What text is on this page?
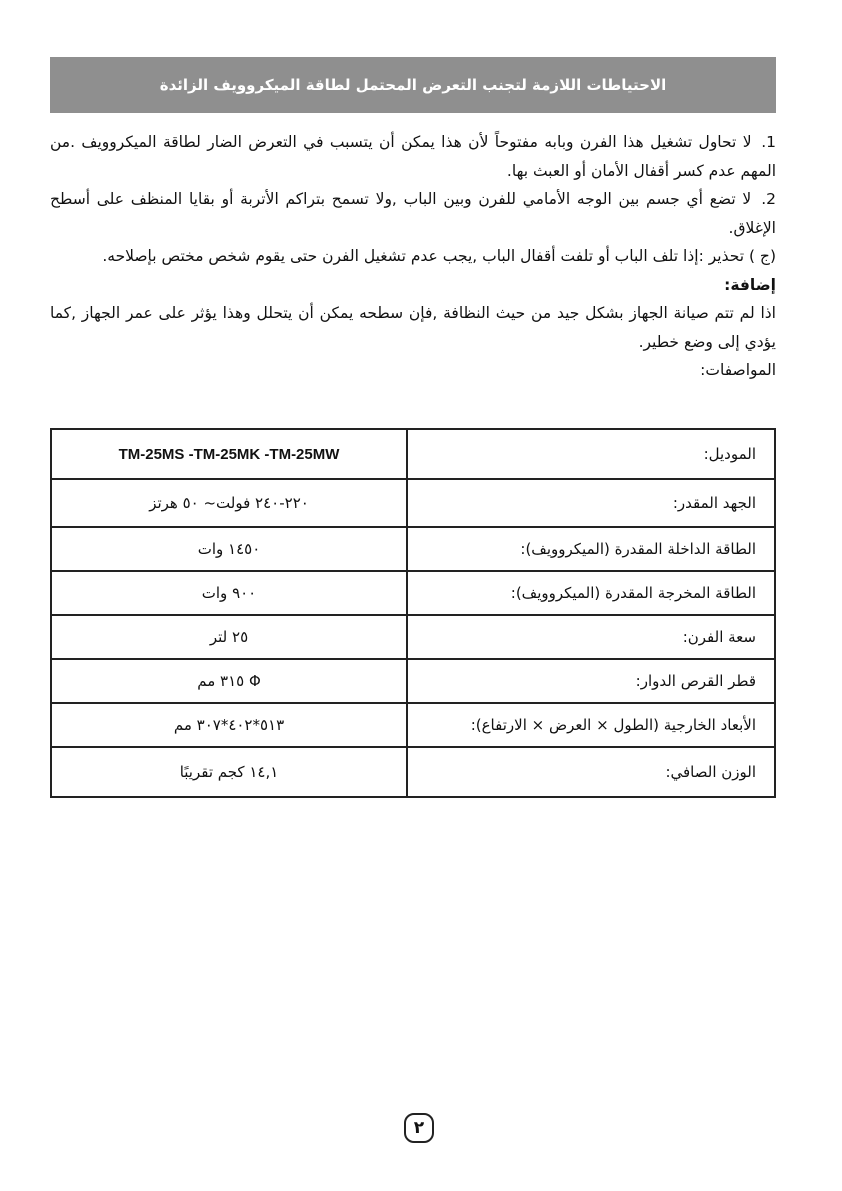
الاحتياطات اللازمة لتجنب التعرض المحتمل لطاقة الميكروويف الزائدة

1. لا تحاول تشغيل هذا الفرن وبابه مفتوحاً لأن هذا يمكن أن يتسبب في التعرض الضار لطاقة الميكروويف .من المهم عدم كسر أقفال الأمان أو العبث بها.

2. لا تضع أي جسم بين الوجه الأمامي للفرن وبين الباب ,ولا تسمح بتراكم الأتربة أو بقايا المنظف على أسطح الإغلاق.

(ج ) تحذير :إذا تلف الباب أو تلفت أقفال الباب ,يجب عدم تشغيل الفرن حتى يقوم شخص مختص بإصلاحه.

إضافة:

اذا لم تتم صيانة الجهاز بشكل جيد من حيث النظافة ,فإن سطحه يمكن أن يتحلل وهذا يؤثر على عمر الجهاز ,كما يؤدي إلى وضع خطير.

المواصفات:

الموديل:	TM-25MS -TM-25MK -TM-25MW
الجهد المقدر:	٢٢٠-٢٤٠ فولت~ ٥٠ هرتز
الطاقة الداخلة المقدرة (الميكروويف):	١٤٥٠ وات
الطاقة المخرجة المقدرة (الميكروويف):	٩٠٠ وات
سعة الفرن:	٢٥ لتر
قطر القرص الدوار:	Φ ٣١٥ مم
الأبعاد الخارجية (الطول × العرض × الارتفاع):	٥١٣*٤٠٢*٣٠٧ مم
الوزن الصافي:	١٤,١ كجم تقريبًا
٢
